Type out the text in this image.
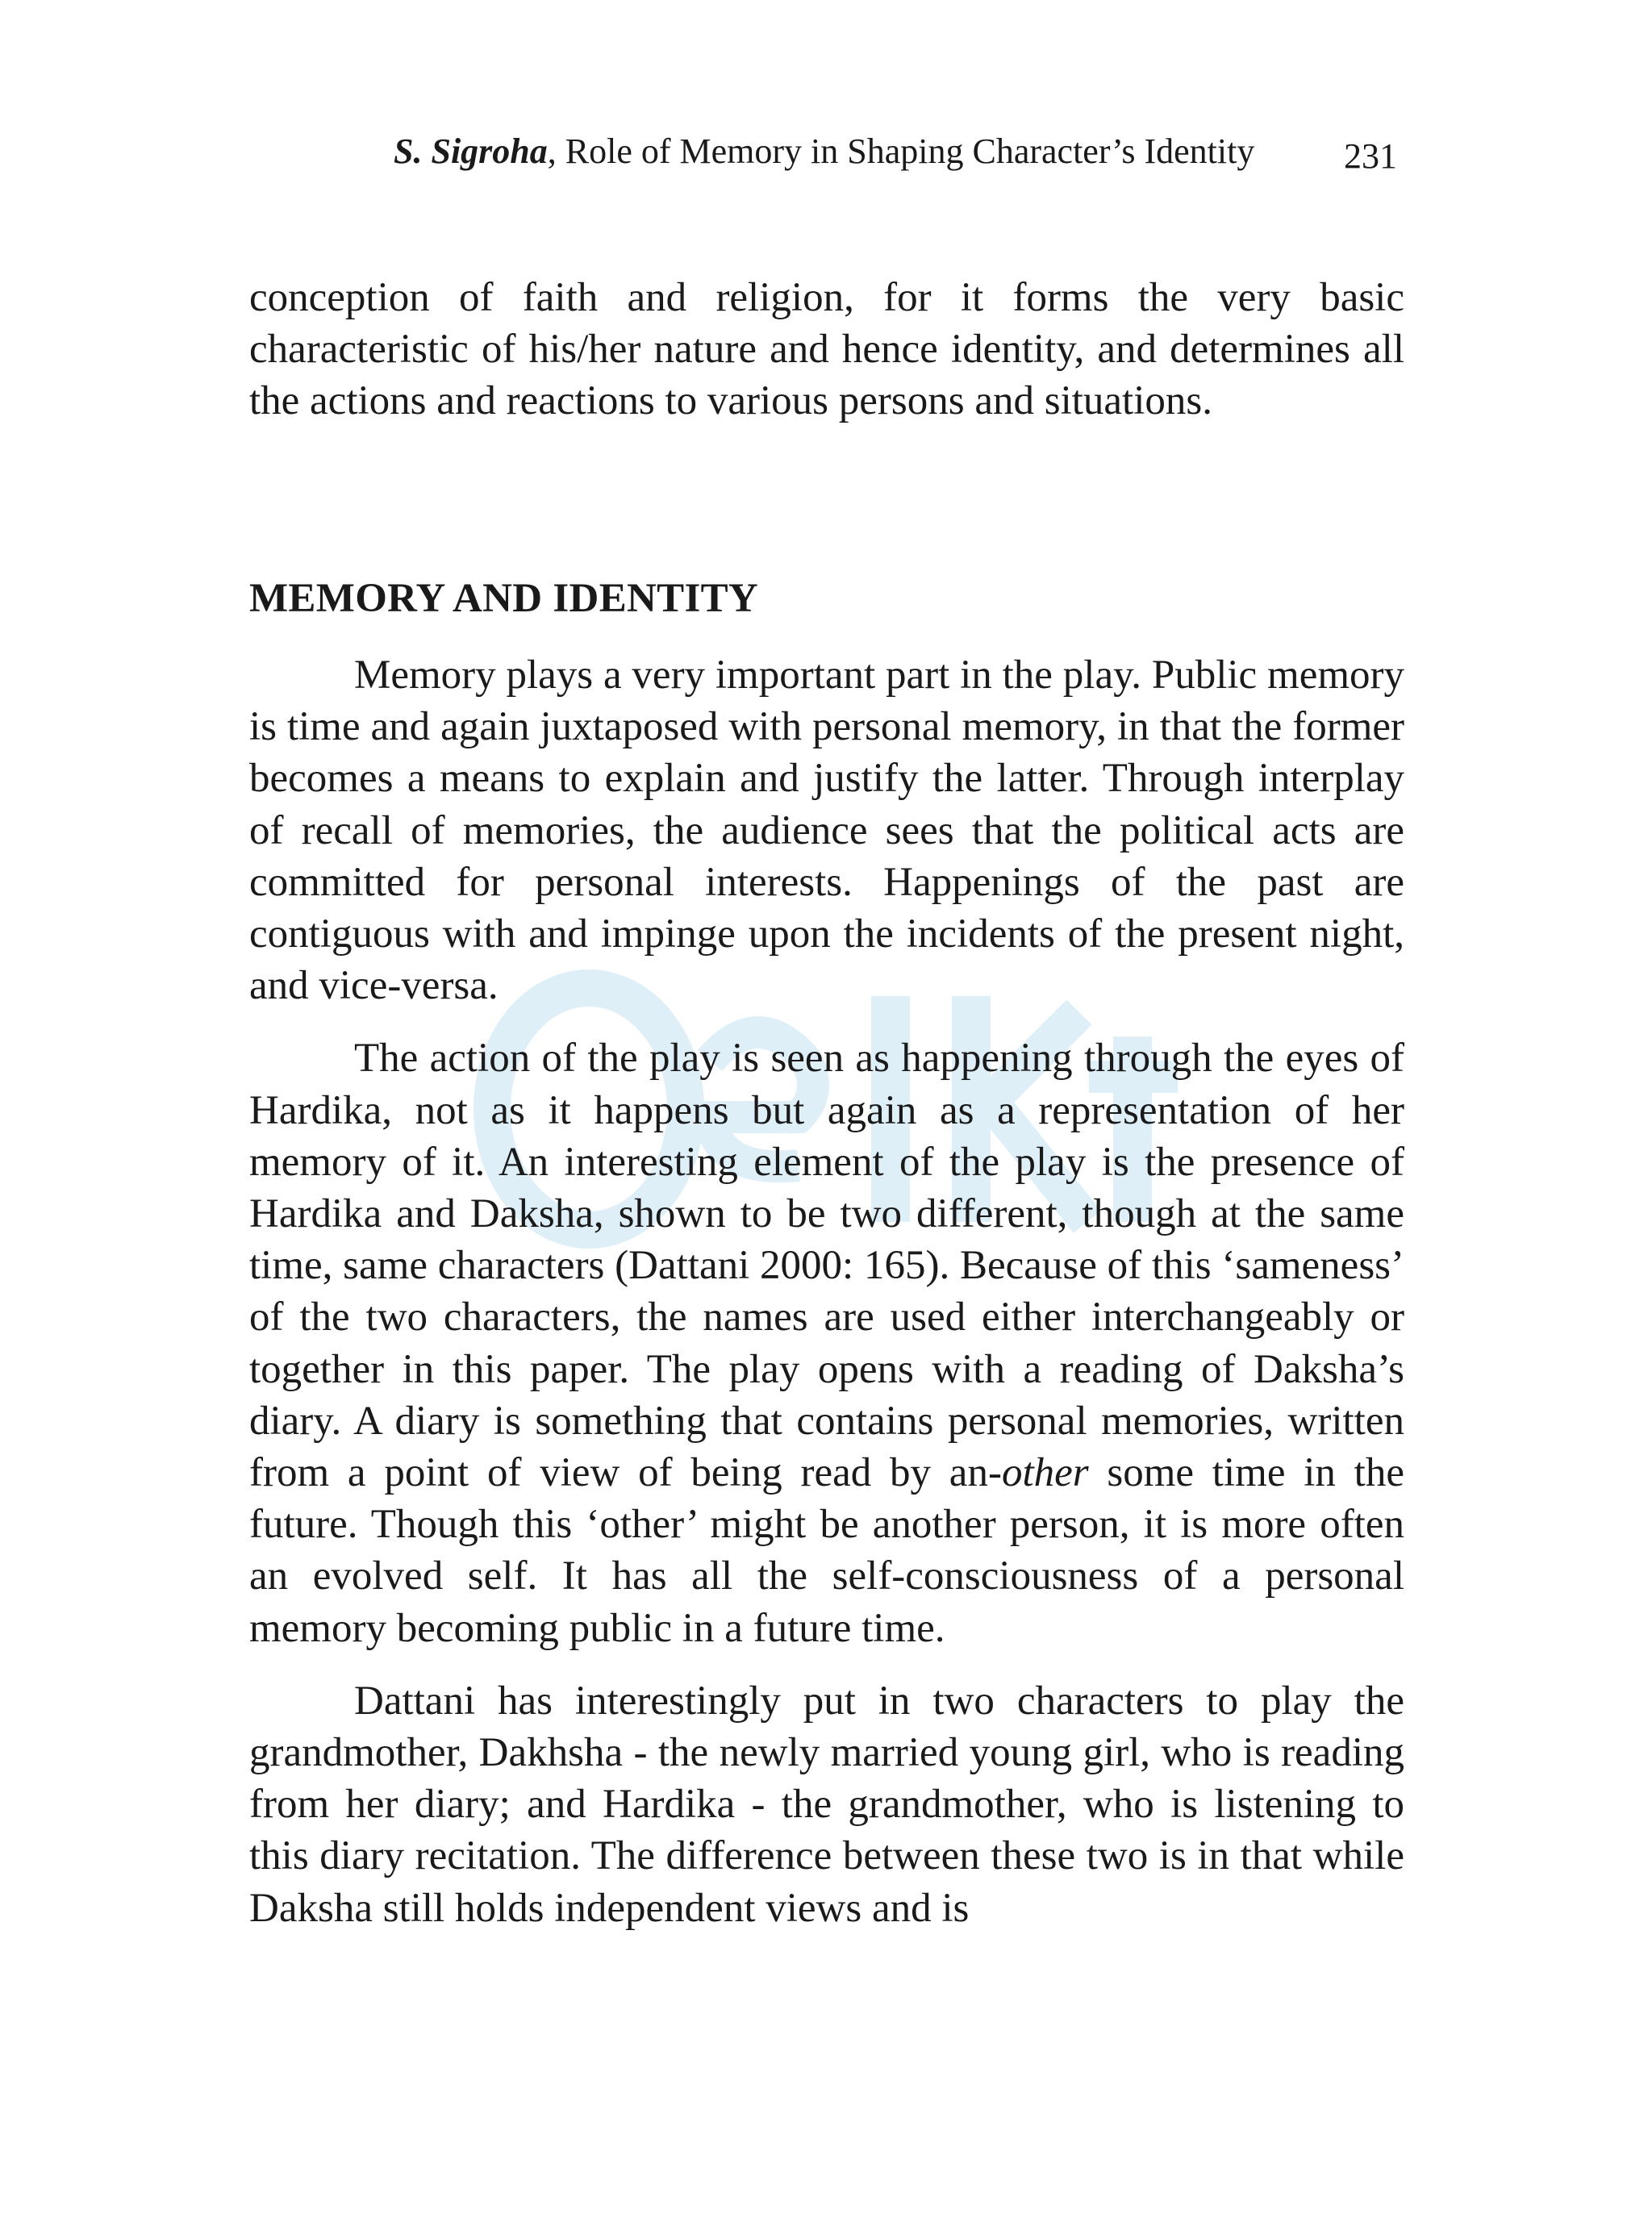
S. Sigroha, Role of Memory in Shaping Character’s Identity	231

conception of faith and religion, for it forms the very basic characteristic of his/her nature and hence identity, and determines all the actions and reactions to various persons and situations.

MEMORY AND IDENTITY

Memory plays a very important part in the play. Public memory is time and again juxtaposed with personal memory, in that the former becomes a means to explain and justify the latter. Through interplay of recall of memories, the audience sees that the political acts are committed for personal interests. Happenings of the past are contiguous with and impinge upon the incidents of the present night, and vice-versa.

The action of the play is seen as happening through the eyes of Hardika, not as it happens but again as a representation of her memory of it. An interesting element of the play is the presence of Hardika and Daksha, shown to be two different, though at the same time, same characters (Dattani 2000: 165). Because of this ‘sameness’ of the two characters, the names are used either interchangeably or together in this paper. The play opens with a reading of Daksha’s diary. A diary is something that contains personal memories, written from a point of view of being read by an-other some time in the future. Though this ‘other’ might be another person, it is more often an evolved self. It has all the self-consciousness of a personal memory becoming public in a future time.

Dattani has interestingly put in two characters to play the grandmother, Dakhsha - the newly married young girl, who is reading from her diary; and Hardika - the grandmother, who is listening to this diary recitation. The difference between these two is in that while Daksha still holds independent views and is
